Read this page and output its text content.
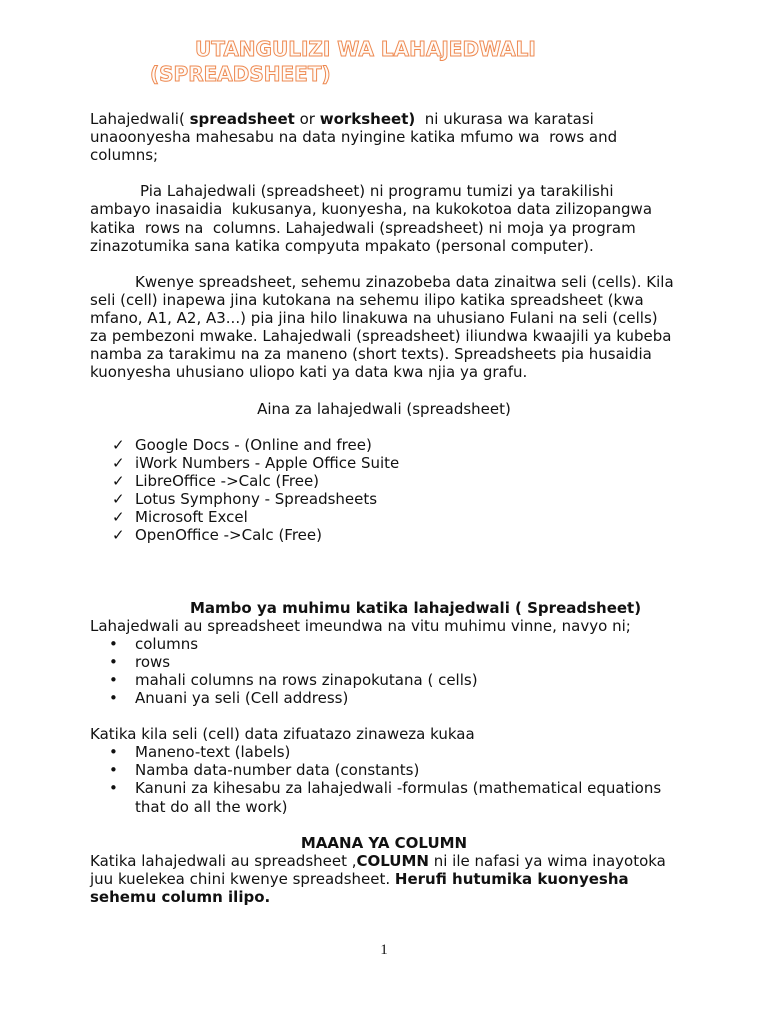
UTANGULIZI WA LAHAJEDWALI
(SPREADSHEET)
Lahajedwali( spreadsheet or worksheet)  ni ukurasa wa karatasi
unaoonyesha mahesabu na data nyingine katika mfumo wa  rows and
columns;
Pia Lahajedwali (spreadsheet) ni programu tumizi ya tarakilishi
ambayo inasaidia  kukusanya, kuonyesha, na kukokotoa data zilizopangwa
katika  rows na  columns. Lahajedwali (spreadsheet) ni moja ya program
zinazotumika sana katika compyuta mpakato (personal computer).
Kwenye spreadsheet, sehemu zinazobeba data zinaitwa seli (cells). Kila
seli (cell) inapewa jina kutokana na sehemu ilipo katika spreadsheet (kwa
mfano, A1, A2, A3...) pia jina hilo linakuwa na uhusiano Fulani na seli (cells)
za pembezoni mwake. Lahajedwali (spreadsheet) iliundwa kwaajili ya kubeba
namba za tarakimu na za maneno (short texts). Spreadsheets pia husaidia
kuonyesha uhusiano uliopo kati ya data kwa njia ya grafu.
Aina za lahajedwali (spreadsheet)
✓
Google Docs - (Online and free)
✓
iWork Numbers - Apple Office Suite
✓
LibreOffice ->Calc (Free)
✓
Lotus Symphony - Spreadsheets
✓
Microsoft Excel
✓
OpenOffice ->Calc (Free)
Mambo ya muhimu katika lahajedwali ( Spreadsheet)
Lahajedwali au spreadsheet imeundwa na vitu muhimu vinne, navyo ni;
•
columns
•
rows
•
mahali columns na rows zinapokutana ( cells)
•
Anuani ya seli (Cell address)
Katika kila seli (cell) data zifuatazo zinaweza kukaa
•
Maneno-text (labels)
•
Namba data-number data (constants)
•
Kanuni za kihesabu za lahajedwali -formulas (mathematical equations
that do all the work)
MAANA YA COLUMN
Katika lahajedwali au spreadsheet ,COLUMN ni ile nafasi ya wima inayotoka
juu kuelekea chini kwenye spreadsheet. Herufi hutumika kuonyesha
sehemu column ilipo.
1
